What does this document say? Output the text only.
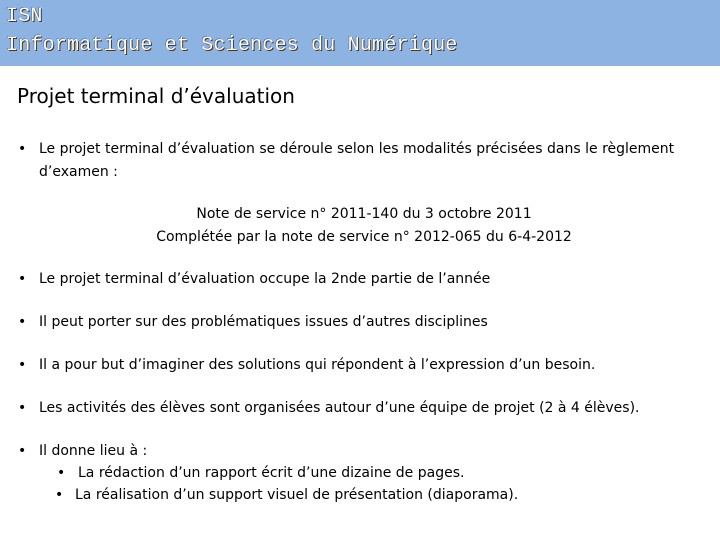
ISN
Informatique et Sciences du Numérique
Projet terminal d’évaluation
• Le projet terminal d’évaluation se déroule selon les modalités précisées dans le règlement
d’examen :
Note de service n° 2011-140 du 3 octobre 2011
Complétée par la note de service n° 2012-065 du 6-4-2012
• Le projet terminal d’évaluation occupe la 2nde partie de l’année
• Il peut porter sur des problématiques issues d’autres disciplines
• Il a pour but d’imaginer des solutions qui répondent à l’expression d’un besoin.
• Les activités des élèves sont organisées autour d’une équipe de projet (2 à 4 élèves).
• Il donne lieu à :
• La rédaction d’un rapport écrit d’une dizaine de pages.
• La réalisation d’un support visuel de présentation (diaporama).
